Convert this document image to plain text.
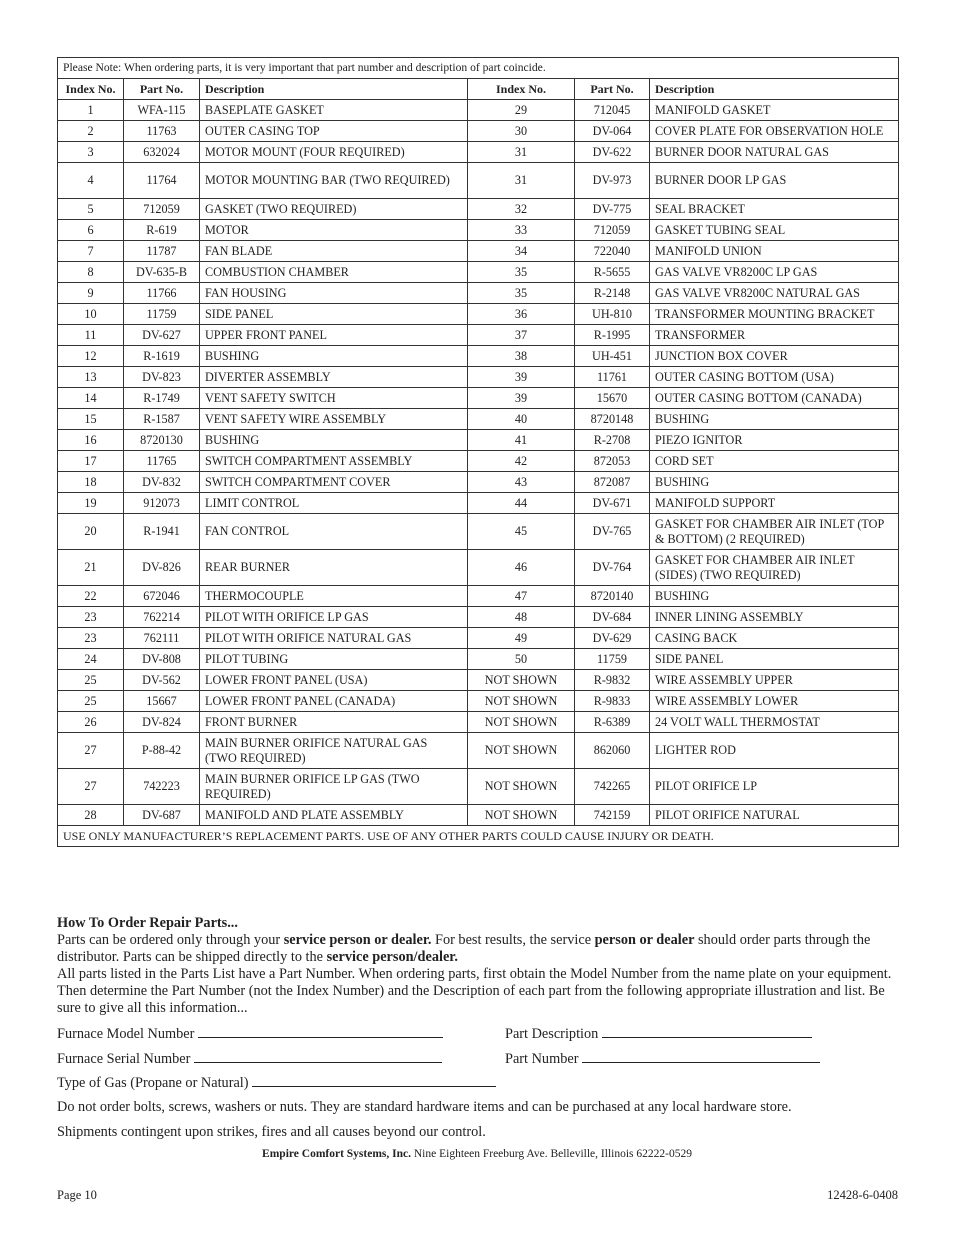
Please Note: When ordering parts, it is very important that part number and description of part coincide.					
Index No.	Part No.	Description	Index No.	Part No.	Description
1	WFA-115	BASEPLATE GASKET	29	712045	MANIFOLD GASKET
2	11763	OUTER CASING TOP	30	DV-064	COVER PLATE FOR OBSERVATION HOLE
3	632024	MOTOR MOUNT (FOUR REQUIRED)	31	DV-622	BURNER DOOR NATURAL GAS
4	11764	MOTOR MOUNTING BAR (TWO REQUIRED)	31	DV-973	BURNER DOOR LP GAS
5	712059	GASKET (TWO REQUIRED)	32	DV-775	SEAL BRACKET
6	R-619	MOTOR	33	712059	GASKET TUBING SEAL
7	11787	FAN BLADE	34	722040	MANIFOLD UNION
8	DV-635-B	COMBUSTION CHAMBER	35	R-5655	GAS VALVE VR8200C LP GAS
9	11766	FAN HOUSING	35	R-2148	GAS VALVE VR8200C NATURAL GAS
10	11759	SIDE PANEL	36	UH-810	TRANSFORMER MOUNTING BRACKET
11	DV-627	UPPER FRONT PANEL	37	R-1995	TRANSFORMER
12	R-1619	BUSHING	38	UH-451	JUNCTION BOX COVER
13	DV-823	DIVERTER ASSEMBLY	39	11761	OUTER CASING BOTTOM (USA)
14	R-1749	VENT SAFETY SWITCH	39	15670	OUTER CASING BOTTOM (CANADA)
15	R-1587	VENT SAFETY WIRE ASSEMBLY	40	8720148	BUSHING
16	8720130	BUSHING	41	R-2708	PIEZO IGNITOR
17	11765	SWITCH COMPARTMENT ASSEMBLY	42	872053	CORD SET
18	DV-832	SWITCH COMPARTMENT COVER	43	872087	BUSHING
19	912073	LIMIT CONTROL	44	DV-671	MANIFOLD SUPPORT
20	R-1941	FAN CONTROL	45	DV-765	GASKET FOR CHAMBER AIR INLET (TOP & BOTTOM) (2 REQUIRED)
21	DV-826	REAR BURNER	46	DV-764	GASKET FOR CHAMBER AIR INLET (SIDES) (TWO REQUIRED)
22	672046	THERMOCOUPLE	47	8720140	BUSHING
23	762214	PILOT WITH ORIFICE LP GAS	48	DV-684	INNER LINING ASSEMBLY
23	762111	PILOT WITH ORIFICE NATURAL GAS	49	DV-629	CASING BACK
24	DV-808	PILOT TUBING	50	11759	SIDE PANEL
25	DV-562	LOWER FRONT PANEL (USA)	NOT SHOWN	R-9832	WIRE ASSEMBLY UPPER
25	15667	LOWER FRONT PANEL (CANADA)	NOT SHOWN	R-9833	WIRE ASSEMBLY LOWER
26	DV-824	FRONT BURNER	NOT SHOWN	R-6389	24 VOLT WALL THERMOSTAT
27	P-88-42	MAIN BURNER ORIFICE NATURAL GAS (TWO REQUIRED)	NOT SHOWN	862060	LIGHTER ROD
27	742223	MAIN BURNER ORIFICE LP GAS (TWO REQUIRED)	NOT SHOWN	742265	PILOT ORIFICE LP
28	DV-687	MANIFOLD AND PLATE ASSEMBLY	NOT SHOWN	742159	PILOT ORIFICE NATURAL
USE ONLY MANUFACTURER’S REPLACEMENT PARTS. USE OF ANY OTHER PARTS COULD CAUSE INJURY OR DEATH.					
How To Order Repair Parts...
Parts can be ordered only through your service person or dealer. For best results, the service person or dealer should order parts through the distributor. Parts can be shipped directly to the service person/dealer.
All parts listed in the Parts List have a Part Number. When ordering parts, first obtain the Model Number from the name plate on your equipment. Then determine the Part Number (not the Index Number) and the Description of each part from the following appropriate illustration and list. Be sure to give all this information...
Furnace Model Number	Part Description
Furnace Serial Number	Part Number
Type of Gas (Propane or Natural)
Do not order bolts, screws, washers or nuts. They are standard hardware items and can be purchased at any local hardware store.
Shipments contingent upon strikes, fires and all causes beyond our control.
Empire Comfort Systems, Inc. Nine Eighteen Freeburg Ave. Belleville, Illinois 62222-0529
Page 10	12428-6-0408
